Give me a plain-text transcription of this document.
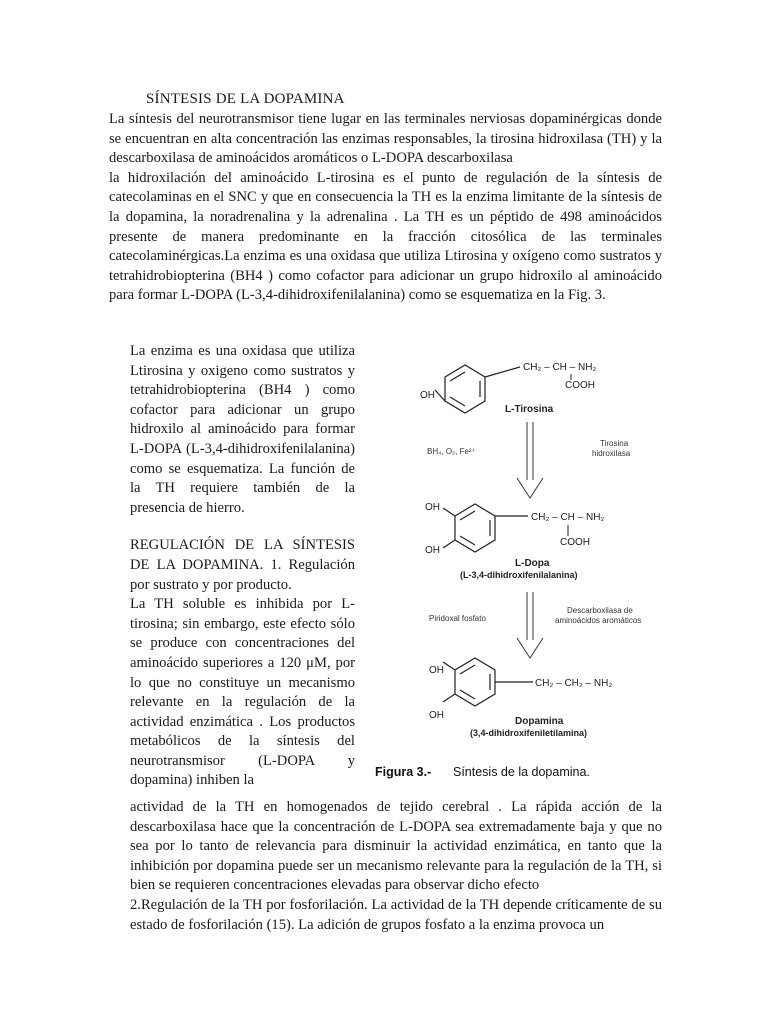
SÍNTESIS DE LA DOPAMINA

La síntesis del neurotransmisor tiene lugar en las terminales nerviosas dopaminérgicas donde se encuentran en alta concentración las enzimas responsables, la tirosina hidroxilasa (TH) y la descarboxilasa de aminoácidos aromáticos o L-DOPA descarboxilasa

la hidroxilación del aminoácido L-tirosina es el punto de regulación de la síntesis de catecolaminas en el SNC y que en consecuencia la TH es la enzima limitante de la síntesis de la dopamina, la noradrenalina y la adrenalina . La TH es un péptido de 498 aminoácidos presente de manera predominante en la fracción citosólica de las terminales catecolaminérgicas.La enzima es una oxidasa que utiliza Ltirosina y oxígeno como sustratos y tetrahidrobiopterina (BH4 ) como cofactor para adicionar un grupo hidroxilo al aminoácido para formar L-DOPA (L-3,4-dihidroxifenilalanina) como se esquematiza en la Fig. 3.

La enzima es una oxidasa que utiliza Ltirosina y oxigeno como sustratos y tetrahidrobiopterina (BH4 ) como cofactor para adicionar un grupo hidroxilo al aminoácido para formar L-DOPA (L-3,4-dihidroxifenilalanina) como se esquematiza. La función de la TH requiere también de la presencia de hierro.

REGULACIÓN DE LA SÍNTESIS DE LA DOPAMINA. 1. Regulación por sustrato y por producto.

La TH soluble es inhibida por L-tirosina; sin embargo, este efecto sólo se produce con concentraciones del aminoácido superiores a 120 μM, por lo que no constituye un mecanismo relevante en la regulación de la actividad enzimática . Los productos metabólicos de la síntesis del neurotransmisor (L-DOPA y dopamina) inhiben la

OH
CH₂ – CH – NH₂
COOH
L-Tirosina
BH₄, O₂, Fe²⁺
Tirosina
hidroxilasa
OH
OH
CH₂ – CH – NH₂
COOH
L-Dopa
(L-3,4-dihidroxifenilalanina)
Piridoxal fosfato
Descarboxilasa de
aminoácidos aromáticos
OH
OH
CH₂ – CH₂ – NH₂
Dopamina
(3,4-dihidroxifeniletilamina)
Figura 3.- Síntesis de la dopamina.

actividad de la TH en homogenados de tejido cerebral . La rápida acción de la descarboxilasa hace que la concentración de L-DOPA sea extremadamente baja y que no sea por lo tanto de relevancia para disminuir la actividad enzimática, en tanto que la inhibición por dopamina puede ser un mecanismo relevante para la regulación de la TH, si bien se requieren concentraciones elevadas para observar dicho efecto

2.Regulación de la TH por fosforilación. La actividad de la TH depende críticamente de su estado de fosforilación (15). La adición de grupos fosfato a la enzima provoca un
